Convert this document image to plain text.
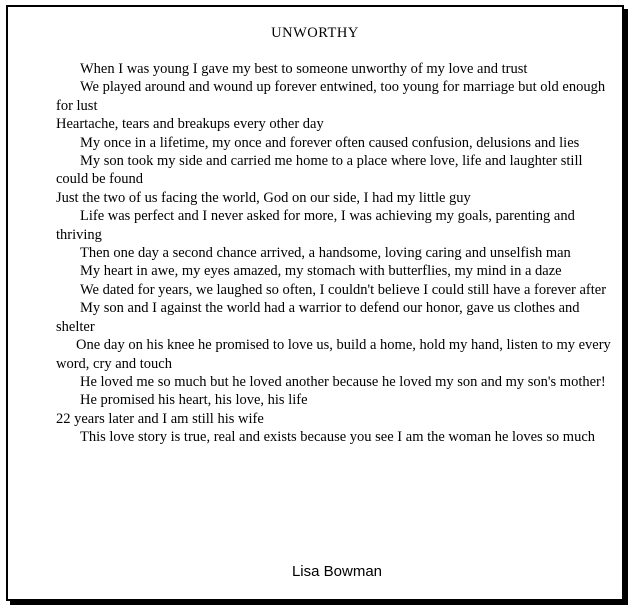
UNWORTHY

When I was young I gave my best to someone unworthy of my love and trust

We played around and wound up forever entwined, too young for marriage but old enough for lust

Heartache, tears and breakups every other day

My once in a lifetime, my once and forever often caused confusion, delusions and lies

My son took my side and carried me home to a place where love, life and laughter still could be found

Just the two of us facing the world, God on our side, I had my little guy

Life was perfect and I never asked for more, I was achieving my goals, parenting and thriving

Then one day a second chance arrived, a handsome, loving caring and unselfish man

My heart in awe, my eyes amazed, my stomach with butterflies, my mind in a daze

We dated for years, we laughed so often, I couldn't believe I could still have a forever after

My son and I against the world had a warrior to defend our honor, gave us clothes and shelter

One day on his knee he promised to love us, build a home, hold my hand, listen to my every word, cry and touch

He loved me so much but he loved another because he loved my son and my son's mother!

He promised his heart, his love, his life

22 years later and I am still his wife

This love story is true, real and exists because you see I am the woman he loves so much

Lisa Bowman
